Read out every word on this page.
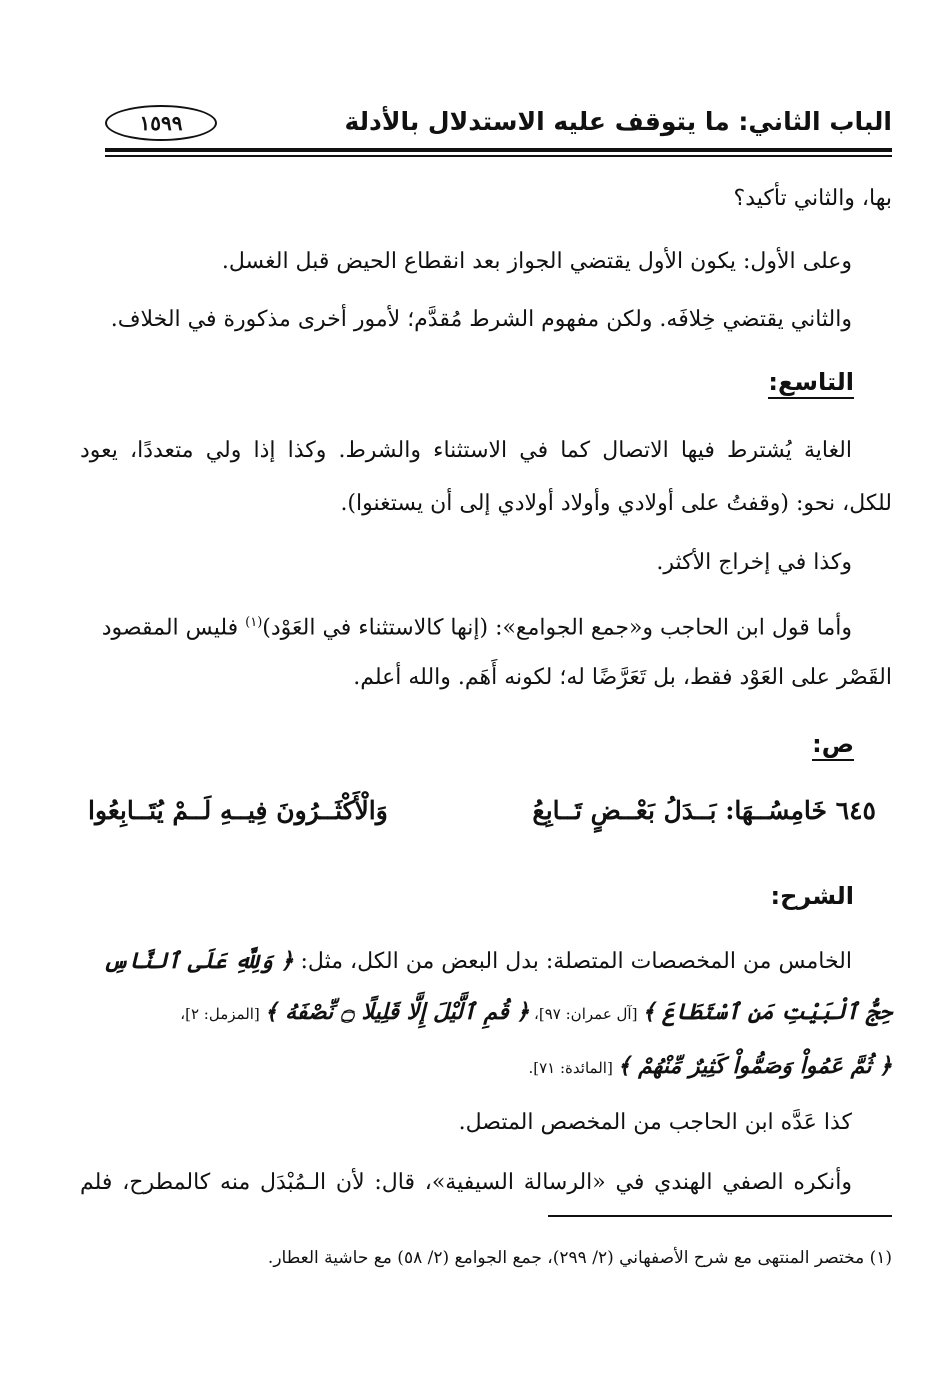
الباب الثاني: ما يتوقف عليه الاستدلال بالأدلة
١٥٩٩
بها، والثاني تأكيد؟
وعلى الأول: يكون الأول يقتضي الجواز بعد انقطاع الحيض قبل الغسل.
والثاني يقتضي خِلافَه. ولكن مفهوم الشرط مُقدَّم؛ لأمور أخرى مذكورة في الخلاف.
التاسع:
الغاية يُشترط فيها الاتصال كما في الاستثناء والشرط. وكذا إذا ولي متعددًا، يعود
للكل، نحو: (وقفتُ على أولادي وأولاد أولادي إلى أن يستغنوا).
وكذا في إخراج الأكثر.
وأما قول ابن الحاجب و«جمع الجوامع»: (إنها كالاستثناء في العَوْد)$^{(١)}$ فليس المقصود
القَصْر على العَوْد فقط، بل تَعَرَّضًا له؛ لكونه أَهَم. والله أعلم.
ص:
٦٤٥ خَامِسُــهَا: بَــدَلُ بَعْــضٍ تَــابِعُ
وَالْأَكْثَــرُونَ فِيــهِ لَــمْ يُتَــابِعُوا
الشرح:
الخامس من المخصصات المتصلة: بدل البعض من الكل، مثل: ﴿ وَلِلَّهِ عَلَى ٱلنَّاسِ
حِجُّ ٱلْبَيْتِ مَنِ ٱسْتَطَاعَ ﴾ [آل عمران: ٩٧]، ﴿ قُمِ ٱلَّيْلَ إِلَّا قَلِيلًا ۝ نِّصْفَهُ ﴾ [المزمل: ٢]،
﴿ ثُمَّ عَمُواْ وَصَمُّواْ كَثِيرٌ مِّنْهُمْ ﴾ [المائدة: ٧١].
كذا عَدَّه ابن الحاجب من المخصص المتصل.
وأنكره الصفي الهندي في «الرسالة السيفية»، قال: لأن الـمُبْدَل منه كالمطرح، فلم
(١) مختصر المنتهى مع شرح الأصفهاني (٢/ ٢٩٩)، جمع الجوامع (٢/ ٥٨) مع حاشية العطار.
